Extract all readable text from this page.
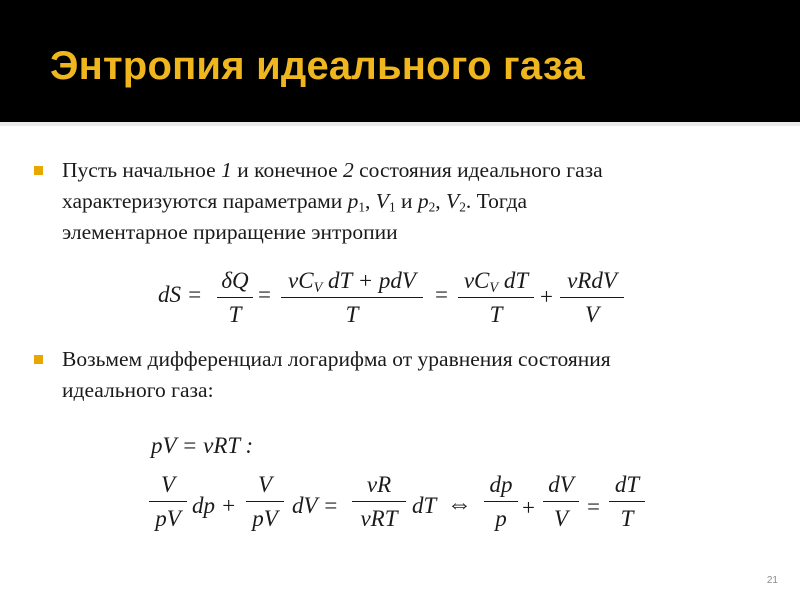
Энтропия идеального газа
Пусть начальное 1 и конечное 2 состояния идеального газа
характеризуются параметрами $p_1$, $V_1$ и $p_2$, $V_2$. Тогда
элементарное приращение энтропии
dS =
δQ
T
=
$\nu C_V$ dT + pdV
T
=
$\nu C_V$ dT
T
+
νRdV
V
Возьмем дифференциал логарифма от уравнения состояния
идеального газа:
pV = νRT :
V
pV
dp +
V
pV
dV =
νR
νRT
dT ⇔
dp
p +
dV
V =
dT
T
21
